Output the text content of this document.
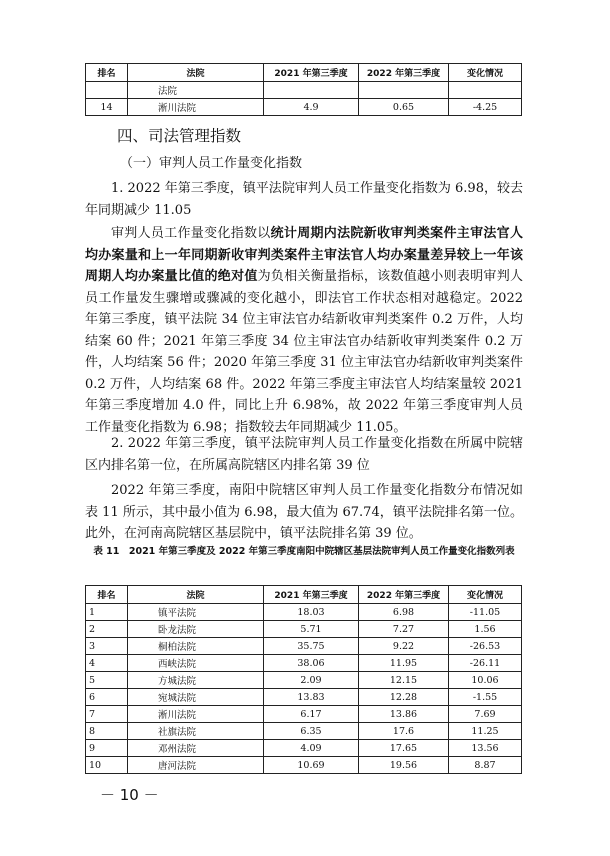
排名	法院	2021 年第三季度	2022 年第三季度	变化情况
	法院			
14	淅川法院	4.9	0.65	-4.25
四、司法管理指数
（一）审判人员工作量变化指数
1. 2022 年第三季度，镇平法院审判人员工作量变化指数为 6.98，较去年同期减少 11.05
审判人员工作量变化指数以统计周期内法院新收审判类案件主审法官人均办案量和上一年同期新收审判类案件主审法官人均办案量差异较上一年该周期人均办案量比值的绝对值为负相关衡量指标，该数值越小则表明审判人员工作量发生骤增或骤减的变化越小，即法官工作状态相对越稳定。2022 年第三季度，镇平法院 34 位主审法官办结新收审判类案件 0.2 万件，人均结案 60 件；2021 年第三季度 34 位主审法官办结新收审判类案件 0.2 万件，人均结案 56 件；2020 年第三季度 31 位主审法官办结新收审判类案件 0.2 万件，人均结案 68 件。2022 年第三季度主审法官人均结案量较 2021 年第三季度增加 4.0 件，同比上升 6.98%，故 2022 年第三季度审判人员工作量变化指数为 6.98；指数较去年同期减少 11.05。
2. 2022 年第三季度，镇平法院审判人员工作量变化指数在所属中院辖区内排名第一位，在所属高院辖区内排名第 39 位
2022 年第三季度，南阳中院辖区审判人员工作量变化指数分布情况如表 11 所示，其中最小值为 6.98，最大值为 67.74，镇平法院排名第一位。此外，在河南高院辖区基层院中，镇平法院排名第 39 位。
表 11　2021 年第三季度及 2022 年第三季度南阳中院辖区基层法院审判人员工作量变化指数列表
排名	法院	2021 年第三季度	2022 年第三季度	变化情况
1	镇平法院	18.03	6.98	-11.05
2	卧龙法院	5.71	7.27	1.56
3	桐柏法院	35.75	9.22	-26.53
4	西峡法院	38.06	11.95	-26.11
5	方城法院	2.09	12.15	10.06
6	宛城法院	13.83	12.28	-1.55
7	淅川法院	6.17	13.86	7.69
8	社旗法院	6.35	17.6	11.25
9	邓州法院	4.09	17.65	13.56
10	唐河法院	10.69	19.56	8.87
－ 10 －
